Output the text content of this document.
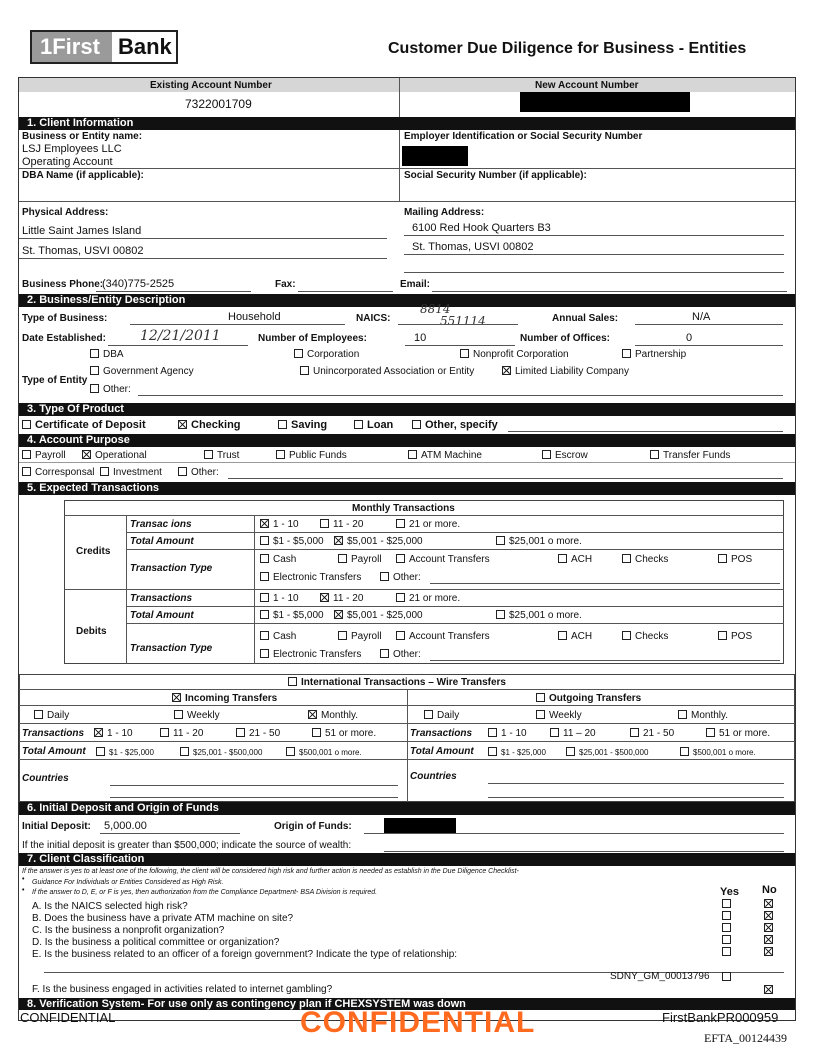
1First Bank	Customer Due Diligence for Business - Entities
Existing Account Number
7322001709
New Account Number
1. Client Information
Business or Entity name:
LSJ Employees LLC
Operating Account
Employer Identification or Social Security Number
DBA Name (if applicable):	Social Security Number (if applicable):
Physical Address:	Mailing Address:
Little Saint James Island
St. Thomas, USVI 00802
6100 Red Hook Quarters B3
St. Thomas, USVI 00802
Business Phone:
(340)775-2525	Fax:	Email:
2. Business/Entity Description
Type of Business:	Household	NAICS:
8814
551114	Annual Sales:	N/A
Date Established: 12/21/2011	Number of Employees:	10	Number of Offices:	0
DBA	Corporation	Nonprofit Corporation	Partnership
Type of Entity
Government Agency	Unincorporated Association or Entity	Limited Liability Company
Other:
3. Type Of Product
Certificate of Deposit	Checking	Saving	Loan	Other, specify
4. Account Purpose
Payroll	Operational	Trust	Public Funds	ATM Machine	Escrow	Transfer Funds
Corresponsal	Investment	Other:
5. Expected Transactions
Monthly Transactions
Credits
Transac ions	1 - 10	11 - 20	21 or more.
Total Amount	$1 - $5,000	$5,001 - $25,000	$25,001 o more.
Transaction Type
Cash	Payroll	Account Transfers	ACH	Checks	POS
Electronic Transfers	Other:
Debits
Transactions	1 - 10	11 - 20	21 or more.
Total Amount	$1 - $5,000	$5,001 - $25,000	$25,001 o more.
Transaction Type
Cash	Payroll	Account Transfers	ACH	Checks	POS
Electronic Transfers	Other:
International Transactions – Wire Transfers
Incoming Transfers	Outgoing Transfers
Daily	Weekly	Monthly.	Daily	Weekly	Monthly.
Transactions	1 - 10	11 - 20	21 - 50	51 or more.	Transactions	1 - 10	11 – 20	21 - 50	51 or more.
Total Amount	$1 - $25,000	$25,001 - $500,000	$500,001 o more.	Total Amount	$1 - $25,000	$25,001 - $500,000	$500,001 o more.
Countries	Countries
6. Initial Deposit and Origin of Funds
Initial Deposit: 5,000.00	Origin of Funds:
If the initial deposit is greater than $500,000; indicate the source of wealth:
7. Client Classification
If the answer is yes to at least one of the following, the client will be considered high risk and further action is needed as establish in the Due Diligence Checklist-
• Guidance For Individuals or Entities Considered as High Risk.
• If the answer to D, E, or F is yes, then authorization from the Compliance Department- BSA Division is required.	Yes No
A. Is the NAICS selected high risk?
B. Does the business have a private ATM machine on site?
C. Is the business a nonprofit organization?
D. Is the business a political committee or organization?
E. Is the business related to an officer of a foreign government? Indicate the type of relationship:
F. Is the business engaged in activities related to internet gambling?
SDNY_GM_00013796
8. Verification System- For use only as contingency plan if CHEXSYSTEM was down
CONFIDENTIAL
CONFIDENTIAL	FirstBankPR000959
EFTA_00124439
